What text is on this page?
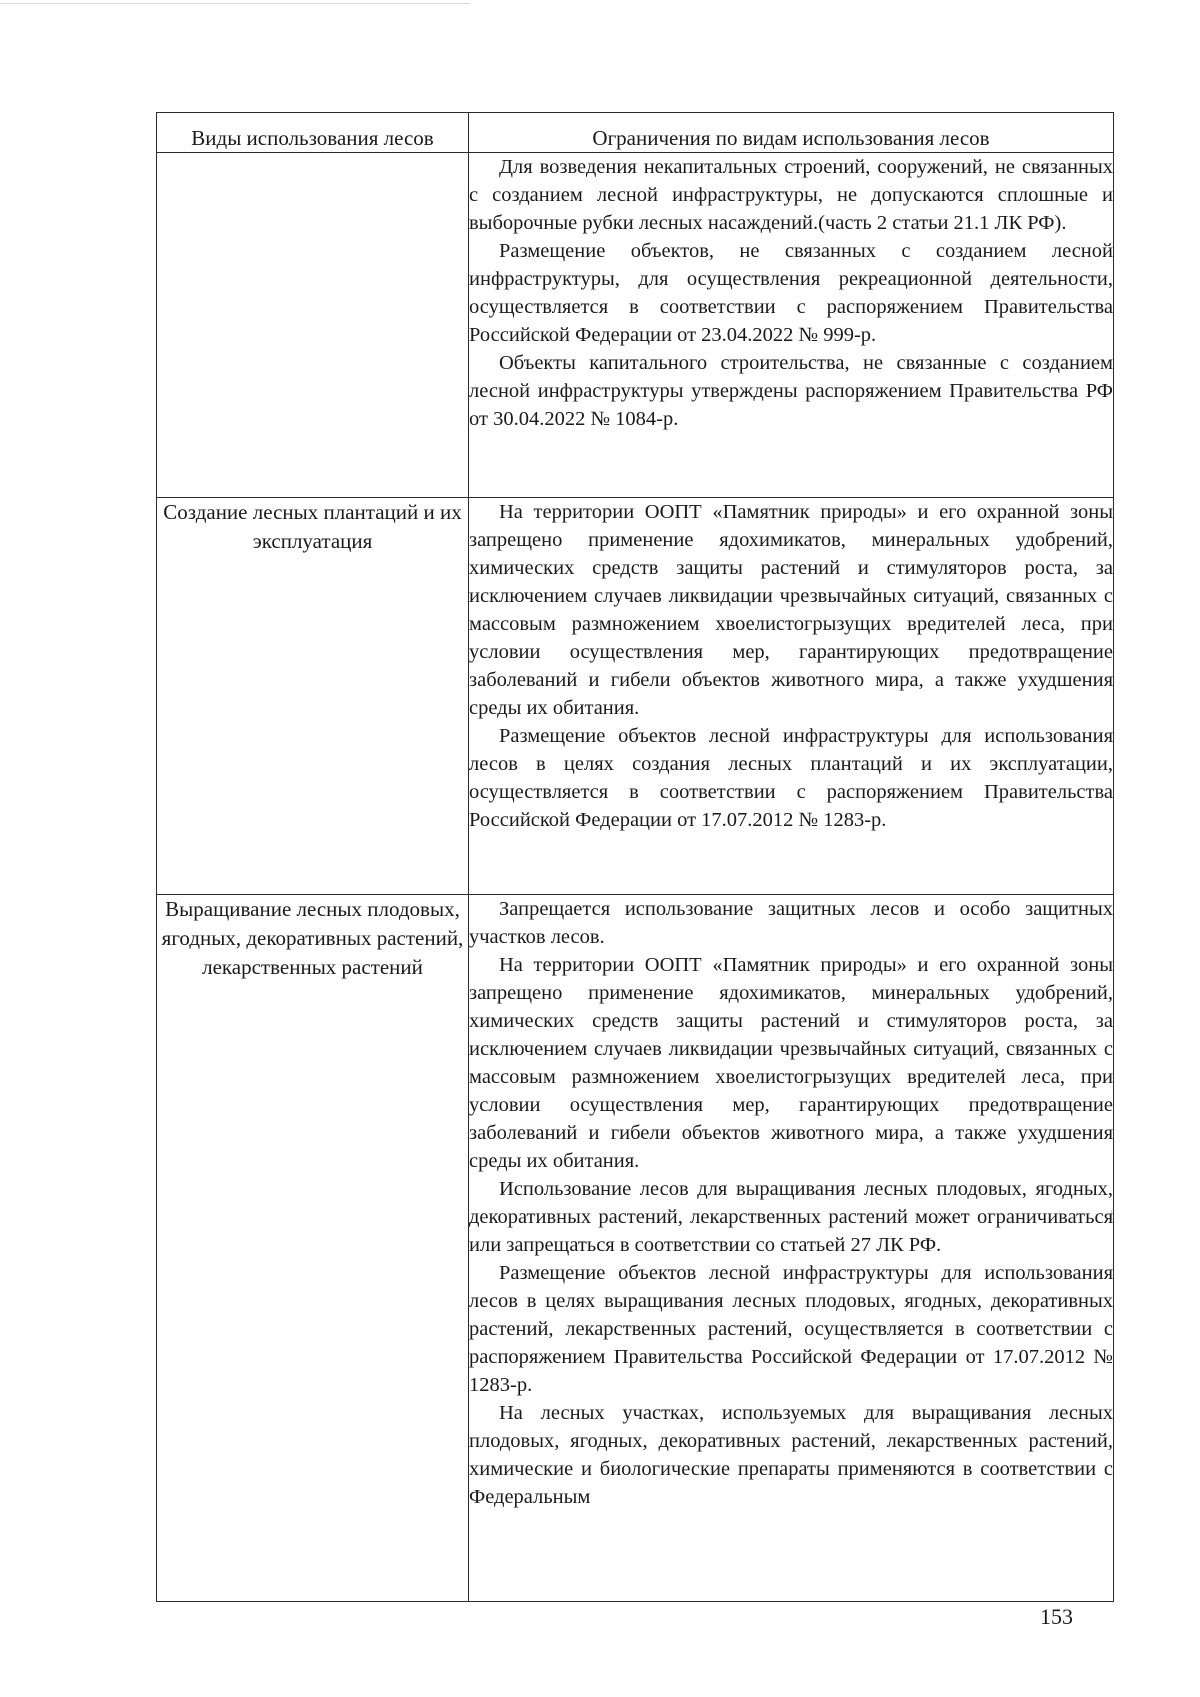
Виды использования лесов	Ограничения по видам использования лесов

	Для возведения некапитальных строений, сооружений, не связанных с созданием лесной инфраструктуры, не допускаются сплошные и выборочные рубки лесных насаждений.(часть 2 статьи 21.1 ЛК РФ).

Размещение объектов, не связанных с созданием лесной инфраструктуры, для осуществления рекреационной деятельности, осуществляется в соответствии с распоряжением Правительства Российской Федерации от 23.04.2022 № 999-р.

Объекты капитального строительства, не связанные с созданием лесной инфраструктуры утверждены распоряжением Правительства РФ от 30.04.2022 № 1084-р.

Создание лесных плантаций и их эксплуатация	На территории ООПТ «Памятник природы» и его охранной зоны запрещено применение ядохимикатов, минеральных удобрений, химических средств защиты растений и стимуляторов роста, за исключением случаев ликвидации чрезвычайных ситуаций, связанных с массовым размножением хвоелистогрызущих вредителей леса, при условии осуществления мер, гарантирующих предотвращение заболеваний и гибели объектов животного мира, а также ухудшения среды их обитания.

Размещение объектов лесной инфраструктуры для использования лесов в целях создания лесных плантаций и их эксплуатации, осуществляется в соответствии с распоряжением Правительства Российской Федерации от 17.07.2012 № 1283-р.

Выращивание лесных плодовых, ягодных, декоративных растений, лекарственных растений	Запрещается использование защитных лесов и особо защитных участков лесов.

На территории ООПТ «Памятник природы» и его охранной зоны запрещено применение ядохимикатов, минеральных удобрений, химических средств защиты растений и стимуляторов роста, за исключением случаев ликвидации чрезвычайных ситуаций, связанных с массовым размножением хвоелистогрызущих вредителей леса, при условии осуществления мер, гарантирующих предотвращение заболеваний и гибели объектов животного мира, а также ухудшения среды их обитания.

Использование лесов для выращивания лесных плодовых, ягодных, декоративных растений, лекарственных растений может ограничиваться или запрещаться в соответствии со статьей 27 ЛК РФ.

Размещение объектов лесной инфраструктуры для использования лесов в целях выращивания лесных плодовых, ягодных, декоративных растений, лекарственных растений, осуществляется в соответствии с распоряжением Правительства Российской Федерации от 17.07.2012 № 1283-р.

На лесных участках, используемых для выращивания лесных плодовых, ягодных, декоративных растений, лекарственных растений, химические и биологические препараты применяются в соответствии с Федеральным

153
